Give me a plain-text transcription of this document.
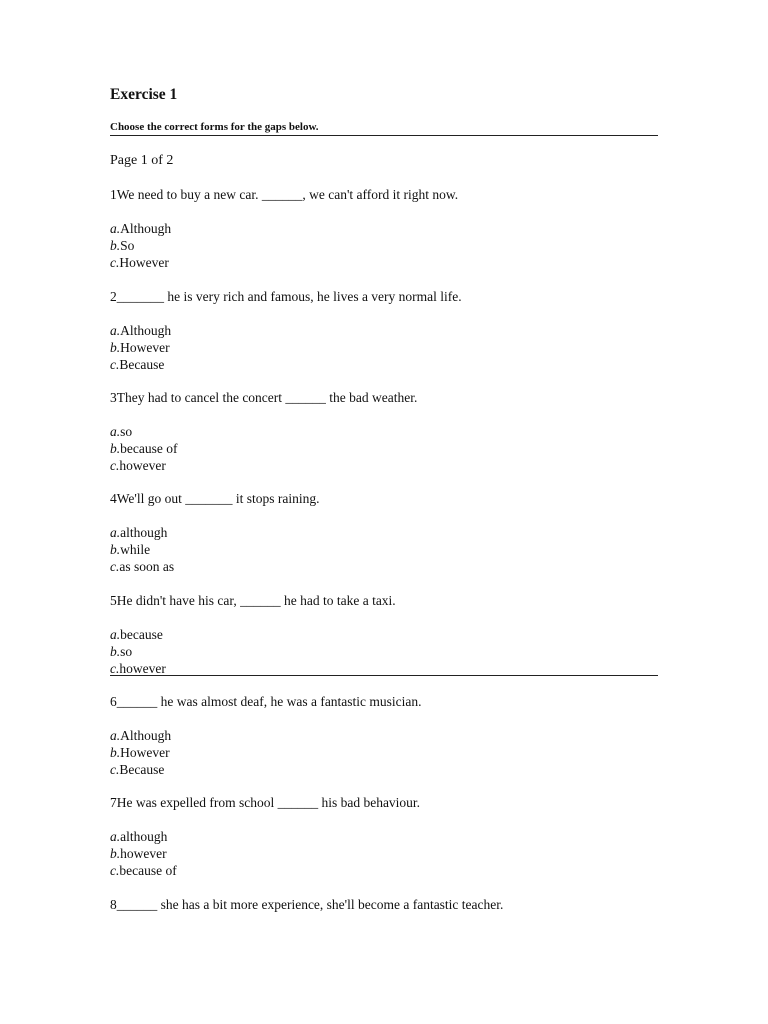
Exercise 1
Choose the correct forms for the gaps below.
Page 1 of 2
1We need to buy a new car. ______, we can't afford it right now.
a.Although
b.So
c.However
2_______ he is very rich and famous, he lives a very normal life.
a.Although
b.However
c.Because
3They had to cancel the concert ______ the bad weather.
a.so
b.because of
c.however
4We'll go out _______ it stops raining.
a.although
b.while
c.as soon as
5He didn't have his car, ______ he had to take a taxi.
a.because
b.so
c.however
6______ he was almost deaf, he was a fantastic musician.
a.Although
b.However
c.Because
7He was expelled from school ______ his bad behaviour.
a.although
b.however
c.because of
8______ she has a bit more experience, she'll become a fantastic teacher.
